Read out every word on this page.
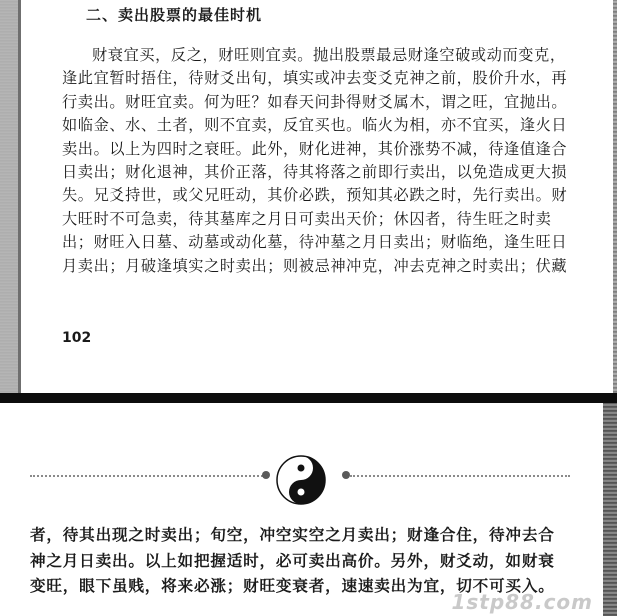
二、卖出股票的最佳时机
财衰宜买，反之，财旺则宜卖。抛出股票最忌财逢空破或动而变克，
逢此宜暂时捂住，待财爻出旬，填实或冲去变爻克神之前，股价升水，再
行卖出。财旺宜卖。何为旺？如春天问卦得财爻属木，谓之旺，宜抛出。
如临金、水、土者，则不宜卖，反宜买也。临火为相，亦不宜买，逢火日
卖出。以上为四时之衰旺。此外，财化进神，其价涨势不减，待逢值逢合
日卖出；财化退神，其价正落，待其将落之前即行卖出，以免造成更大损
失。兄爻持世，或父兄旺动，其价必跌，预知其必跌之时，先行卖出。财
大旺时不可急卖，待其墓库之月日可卖出天价；休囚者，待生旺之时卖
出；财旺入日墓、动墓或动化墓，待冲墓之月日卖出；财临绝，逢生旺日
月卖出；月破逢填实之时卖出；则被忌神冲克，冲去克神之时卖出；伏藏
102
者，待其出现之时卖出；旬空，冲空实空之月卖出；财逢合住，待冲去合
神之月日卖出。以上如把握适时，必可卖出高价。另外，财爻动，如财衰
变旺，眼下虽贱，将来必涨；财旺变衰者，速速卖出为宜，切不可买入。
1stp88.com
